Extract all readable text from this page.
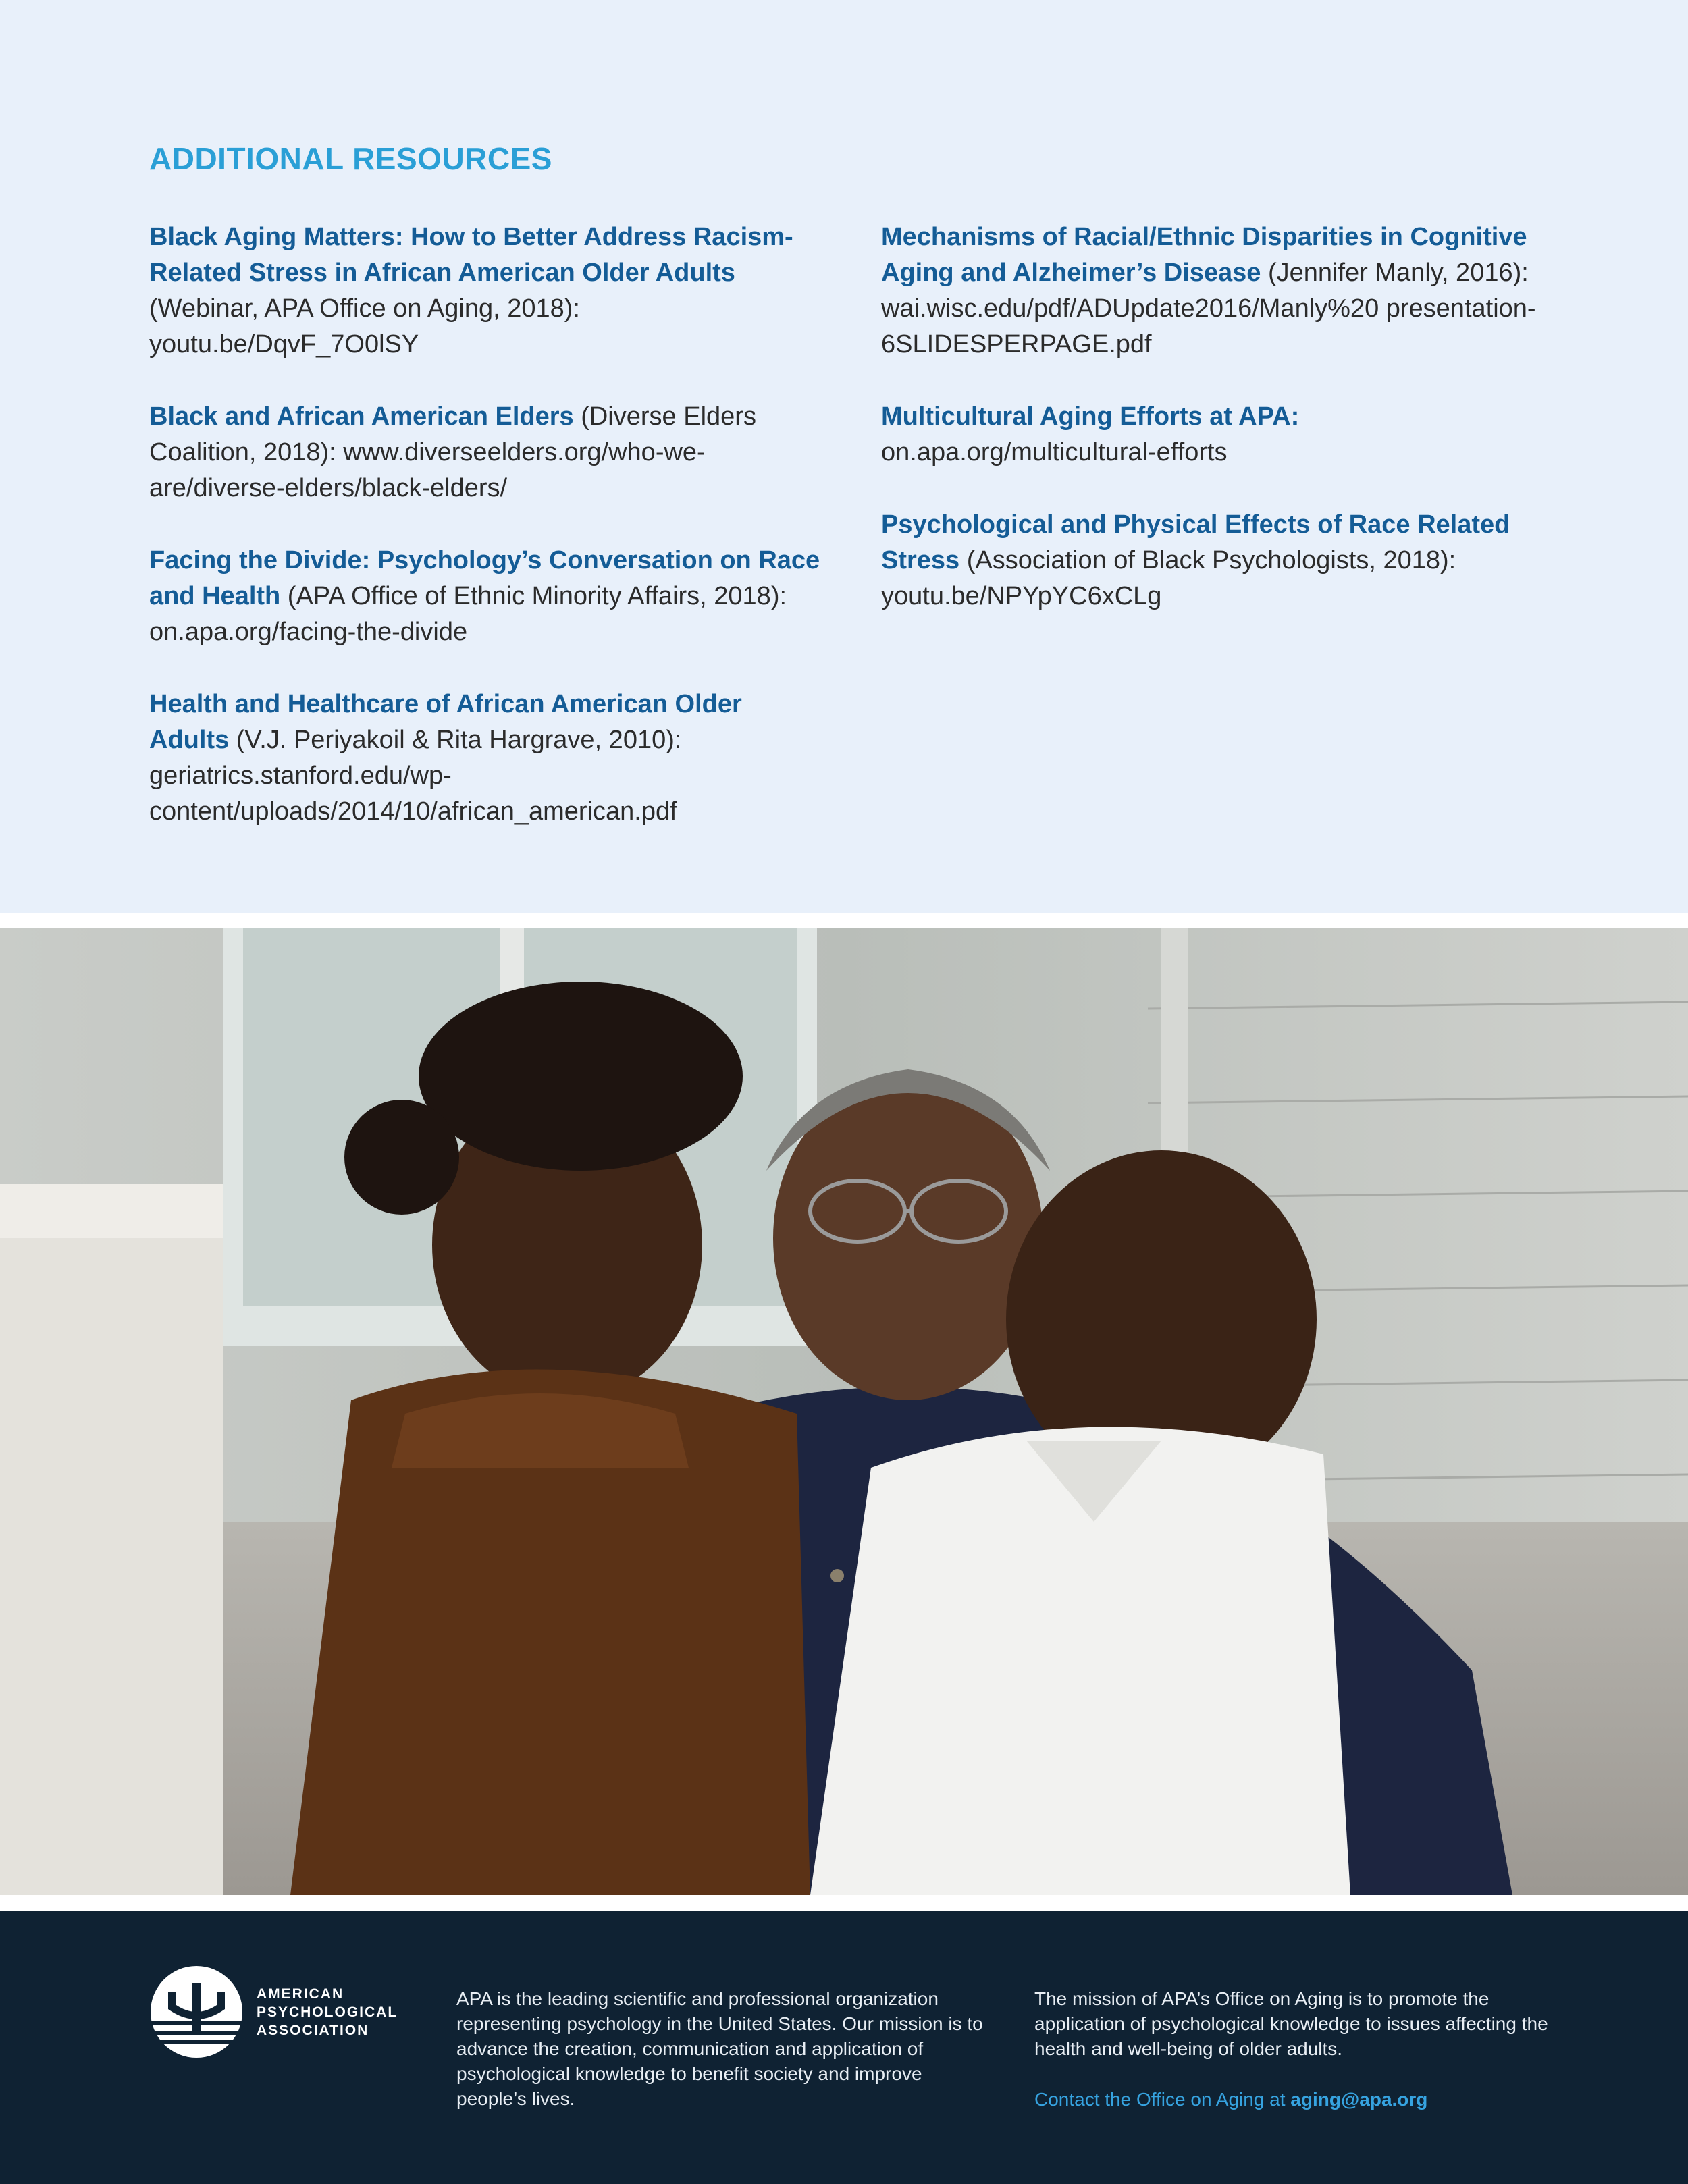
ADDITIONAL RESOURCES
Black Aging Matters: How to Better Address Racism-Related Stress in African American Older Adults (Webinar, APA Office on Aging, 2018):
youtu.be/DqvF_7O0lSY
Black and African American Elders (Diverse Elders Coalition, 2018): www.diverseelders.org/who-we-are/diverse-elders/black-elders/
Facing the Divide: Psychology’s Conversation on Race and Health (APA Office of Ethnic Minority Affairs, 2018):
on.apa.org/facing-the-divide
Health and Healthcare of African American Older Adults (V.J. Periyakoil & Rita Hargrave, 2010): geriatrics.stanford.edu/wp-content/uploads/2014/10/african_american.pdf
Mechanisms of Racial/Ethnic Disparities in Cognitive Aging and Alzheimer’s Disease (Jennifer Manly, 2016): wai.wisc.edu/pdf/ADUpdate2016/Manly%20 presentation-6SLIDESPERPAGE.pdf
Multicultural Aging Efforts at APA:
on.apa.org/multicultural-efforts
Psychological and Physical Effects of Race Related Stress (Association of Black Psychologists, 2018):
youtu.be/NPYpYC6xCLg
AMERICAN
PSYCHOLOGICAL
ASSOCIATION
APA is the leading scientific and professional organization representing psychology in the United States. Our mission is to advance the creation, communication and application of psychological knowledge to benefit society and improve people’s lives.
The mission of APA’s Office on Aging is to promote the application of psychological knowledge to issues affecting the health and well-being of older adults.
Contact the Office on Aging at aging@apa.org
